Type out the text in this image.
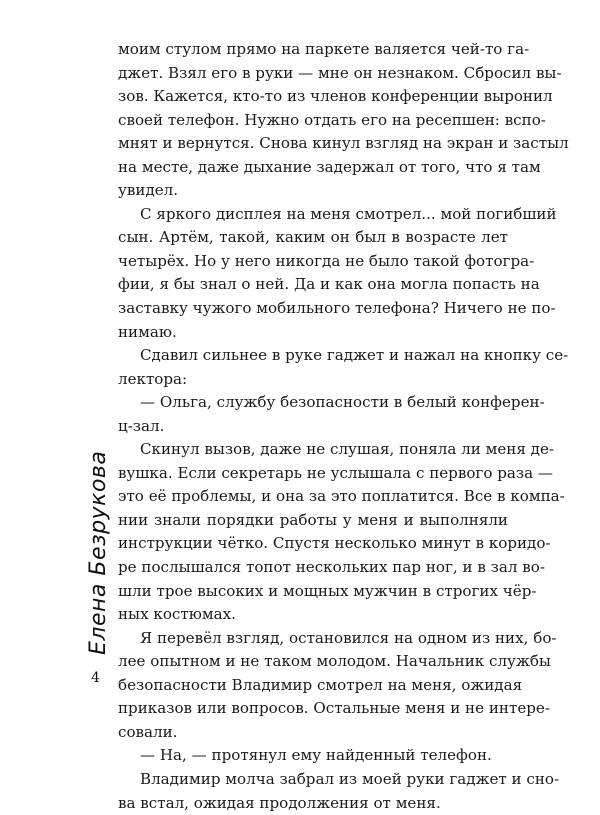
моим стулом прямо на паркете валяется чей-то га-
джет. Взял его в руки — мне он незнаком. Сбросил вы-
зов. Кажется, кто-то из членов конференции выронил
своей телефон. Нужно отдать его на ресепшен: вспо-
мнят и вернутся. Снова кинул взгляд на экран и застыл
на месте, даже дыхание задержал от того, что я там
увидел.
С яркого дисплея на меня смотрел... мой погибший
сын. Артём, такой, каким он был в возрасте лет
четырёх. Но у него никогда не было такой фотогра-
фии, я бы знал о ней. Да и как она могла попасть на
заставку чужого мобильного телефона? Ничего не по-
нимаю.
Сдавил сильнее в руке гаджет и нажал на кнопку се-
лектора:
— Ольга, службу безопасности в белый конферен-
ц-зал.
Скинул вызов, даже не слушая, поняла ли меня де-
вушка. Если секретарь не услышала с первого раза —
это её проблемы, и она за это поплатится. Все в компа-
нии знали порядки работы у меня и выполняли
инструкции чётко. Спустя несколько минут в коридо-
ре послышался топот нескольких пар ног, и в зал во-
шли трое высоких и мощных мужчин в строгих чёр-
ных костюмах.
Я перевёл взгляд, остановился на одном из них, бо-
лее опытном и не таком молодом. Начальник службы
безопасности Владимир смотрел на меня, ожидая
приказов или вопросов. Остальные меня и не интере-
совали.
— На, — протянул ему найденный телефон.
Владимир молча забрал из моей руки гаджет и сно-
ва встал, ожидая продолжения от меня.
Елена Безрукова
4
